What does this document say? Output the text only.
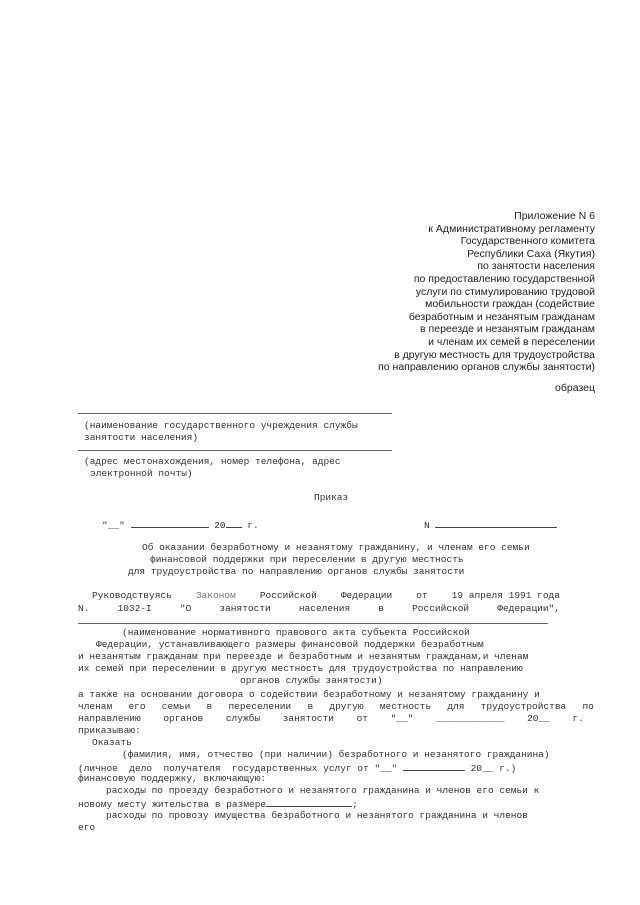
Приложение N 6
к Административному регламенту
Государственного комитета
Республики Саха (Якутия)
по занятости населения
по предоставлению государственной
услуги по стимулированию трудовой
мобильности граждан (содействие
безработным и незанятым гражданам
в переезде и незанятым гражданам
и членам их семей в переселении
в другую местность для трудоустройства
по направлению органов службы занятости)
образец
(наименование государственного учреждения службы
занятости населения)
(адрес местонахождения, номер телефона, адрес
электронной почты)
Приказ
"__"	20 г.	N
Об оказании безработному и незанятому гражданину, и членам его семьи
финансовой поддержки при переселении в другую местность
для трудоустройства по направлению органов службы занятости
Руководствуясь	Законом	Российской	Федерации	от	19 апреля 1991 года
N.	1032-I	"О	занятости	населения	в	Российской	Федерации",
(наименование нормативного правового акта субъекта Российской
Федерации, устанавливающего размеры финансовой поддержки безработным
и незанятым гражданам при переезде и безработным и незанятым гражданам,и членам
их семей при переселении в другую местность для трудоустройства по направлению
органов службы занятости)
а также на основании договора о содействии безработному и незанятому гражданину и
членам его семьи в переселении в другую местность для трудоустройства по
направлению органов службы занятости от "__" ____________ 20__ г.
приказываю:
Оказать
(фамилия, имя, отчество (при наличии) безработного и незанятого гражданина)
(личное  дело  получателя  государственных услуг от "__"	20__ г.)
финансовую поддержку, включающую:
расходы по проезду безработного и незанятого гражданина и членов его семьи к
новому месту жительства в размере	;
расходы по провозу имущества безработного и незанятого гражданина и членов
его
